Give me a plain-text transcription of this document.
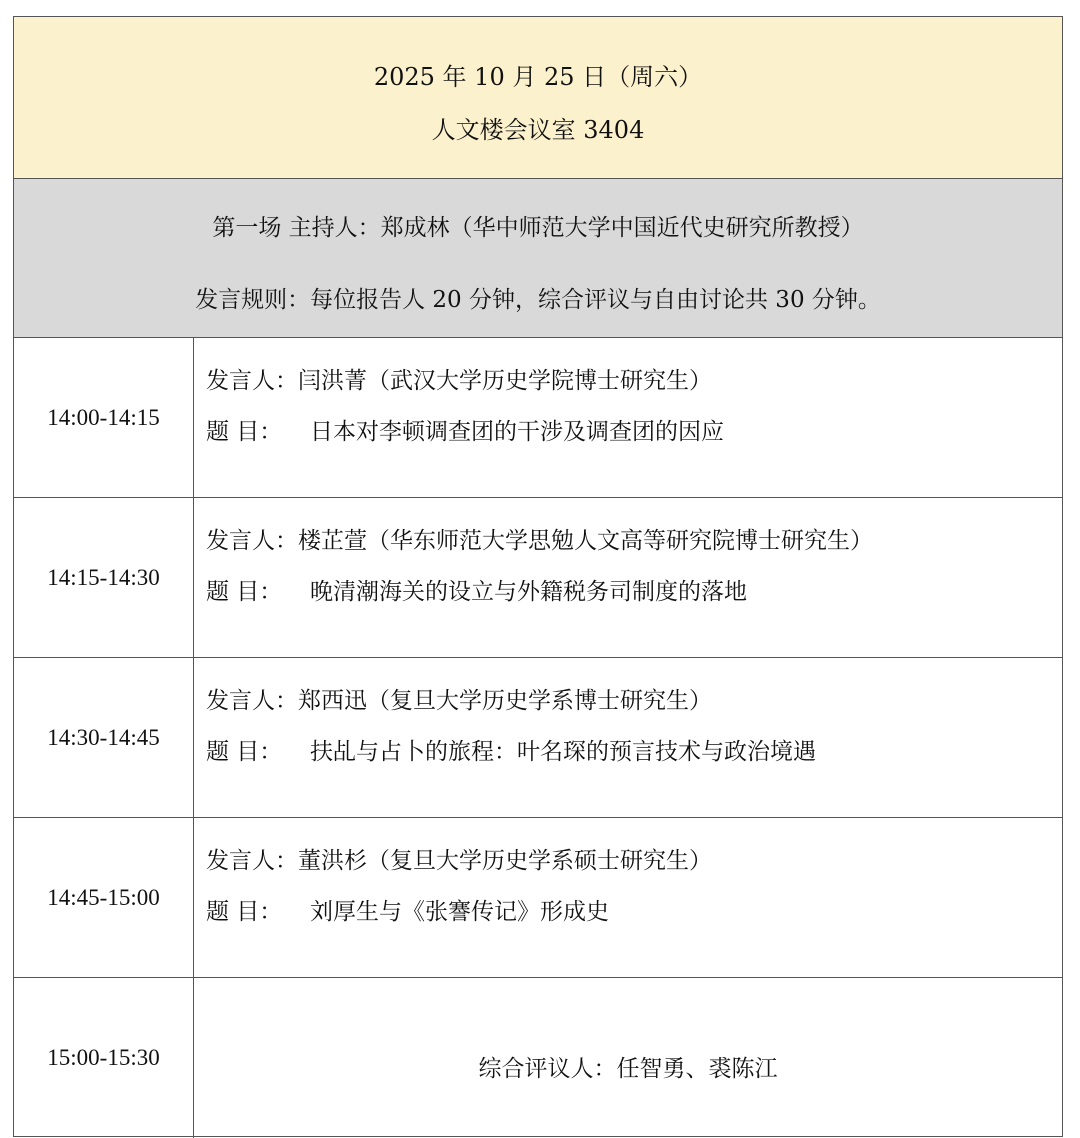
2025 年 10 月 25 日（周六）
人文楼会议室 3404
第一场 主持人：郑成林（华中师范大学中国近代史研究所教授）
发言规则：每位报告人 20 分钟，综合评议与自由讨论共 30 分钟。
14:00-14:15
发言人：闫洪菁（武汉大学历史学院博士研究生）
题 目： 日本对李顿调查团的干涉及调查团的因应
14:15-14:30
发言人：楼芷萱（华东师范大学思勉人文高等研究院博士研究生）
题 目： 晚清潮海关的设立与外籍税务司制度的落地
14:30-14:45
发言人：郑西迅（复旦大学历史学系博士研究生）
题 目： 扶乩与占卜的旅程：叶名琛的预言技术与政治境遇
14:45-15:00
发言人：董洪杉（复旦大学历史学系硕士研究生）
题 目： 刘厚生与《张謇传记》形成史
15:00-15:30	综合评议人：任智勇、裘陈江
